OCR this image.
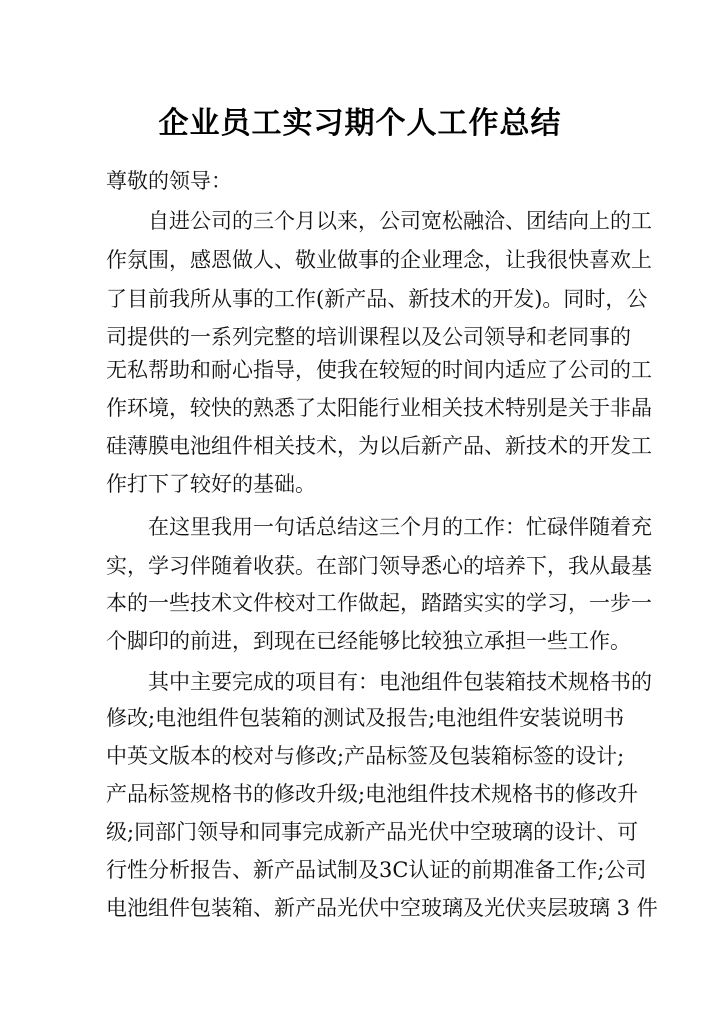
企业员工实习期个人工作总结
尊敬的领导：
自进公司的三个月以来，公司宽松融洽、团结向上的工
作氛围，感恩做人、敬业做事的企业理念，让我很快喜欢上
了目前我所从事的工作(新产品、新技术的开发)。同时，公
司提供的一系列完整的培训课程以及公司领导和老同事的
无私帮助和耐心指导，使我在较短的时间内适应了公司的工
作环境，较快的熟悉了太阳能行业相关技术特别是关于非晶
硅薄膜电池组件相关技术，为以后新产品、新技术的开发工
作打下了较好的基础。
在这里我用一句话总结这三个月的工作：忙碌伴随着充
实，学习伴随着收获。在部门领导悉心的培养下，我从最基
本的一些技术文件校对工作做起，踏踏实实的学习，一步一
个脚印的前进，到现在已经能够比较独立承担一些工作。
其中主要完成的项目有：电池组件包装箱技术规格书的
修改;电池组件包装箱的测试及报告;电池组件安装说明书
中英文版本的校对与修改;产品标签及包装箱标签的设计;
产品标签规格书的修改升级;电池组件技术规格书的修改升
级;同部门领导和同事完成新产品光伏中空玻璃的设计、可
行性分析报告、新产品试制及3C认证的前期准备工作;公司
电池组件包装箱、新产品光伏中空玻璃及光伏夹层玻璃 3 件
